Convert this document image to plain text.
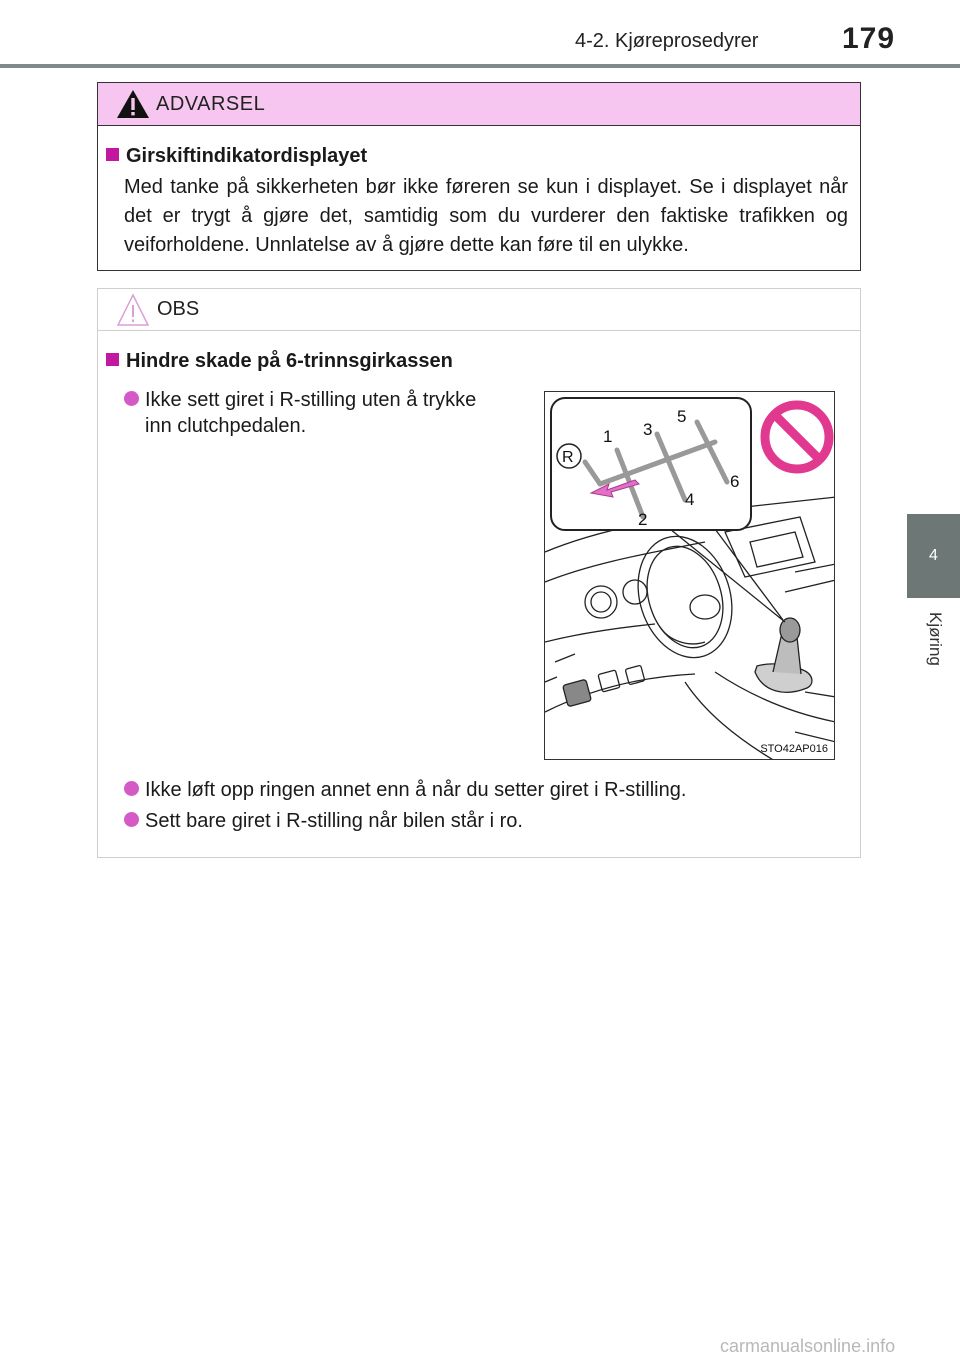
4-2. Kjøreprosedyrer	179
4
Kjøring
ADVARSEL
Girskiftindikatordisplayet
Med tanke på sikkerheten bør ikke føreren se kun i displayet. Se i displayet når det er trygt å gjøre det, samtidig som du vurderer den faktiske trafikken og veiforholdene. Unnlatelse av å gjøre dette kan føre til en ulykke.
OBS
Hindre skade på 6-trinnsgirkassen
Ikke sett giret i R-stilling uten å trykke
inn clutchpedalen.	1
2
3
4
5
6
R
STO42AP016
Ikke løft opp ringen annet enn å når du setter giret i R-stilling.
Sett bare giret i R-stilling når bilen står i ro.
carmanualsonline.info
